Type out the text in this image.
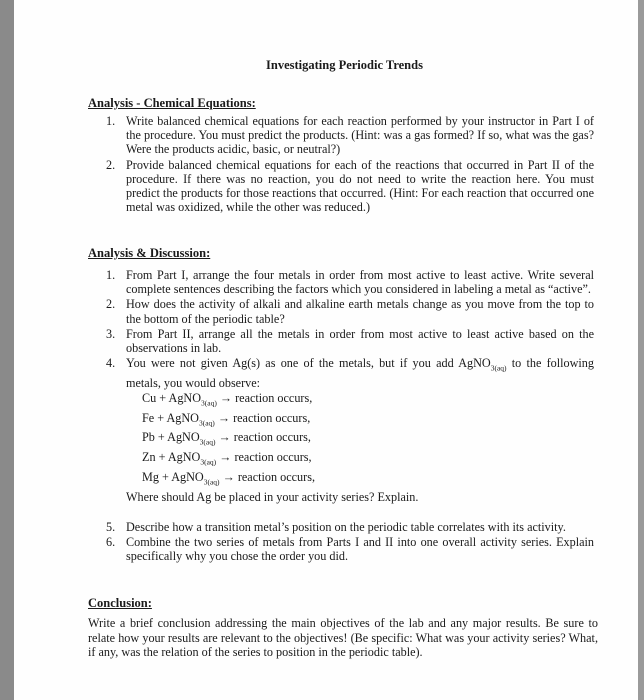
Investigating Periodic Trends
Analysis - Chemical Equations:
1. Write balanced chemical equations for each reaction performed by your instructor in Part I of the procedure. You must predict the products. (Hint: was a gas formed? If so, what was the gas? Were the products acidic, basic, or neutral?)
2. Provide balanced chemical equations for each of the reactions that occurred in Part II of the procedure. If there was no reaction, you do not need to write the reaction here. You must predict the products for those reactions that occurred. (Hint: For each reaction that occurred one metal was oxidized, while the other was reduced.)
Analysis & Discussion:
1. From Part I, arrange the four metals in order from most active to least active. Write several complete sentences describing the factors which you considered in labeling a metal as “active”.
2. How does the activity of alkali and alkaline earth metals change as you move from the top to the bottom of the periodic table?
3. From Part II, arrange all the metals in order from most active to least active based on the observations in lab.
4. You were not given Ag(s) as one of the metals, but if you add AgNO$_{3(aq)}$ to the following metals, you would observe:
Cu + AgNO$_{3(aq)}$ → reaction occurs,
Fe + AgNO$_{3(aq)}$ → reaction occurs,
Pb + AgNO$_{3(aq)}$ → reaction occurs,
Zn + AgNO$_{3(aq)}$ → reaction occurs,
Mg + AgNO$_{3(aq)}$ → reaction occurs,
Where should Ag be placed in your activity series? Explain.
5. Describe how a transition metal’s position on the periodic table correlates with its activity.
6. Combine the two series of metals from Parts I and II into one overall activity series. Explain specifically why you chose the order you did.
Conclusion:
Write a brief conclusion addressing the main objectives of the lab and any major results. Be sure to relate how your results are relevant to the objectives! (Be specific: What was your activity series? What, if any, was the relation of the series to position in the periodic table).
